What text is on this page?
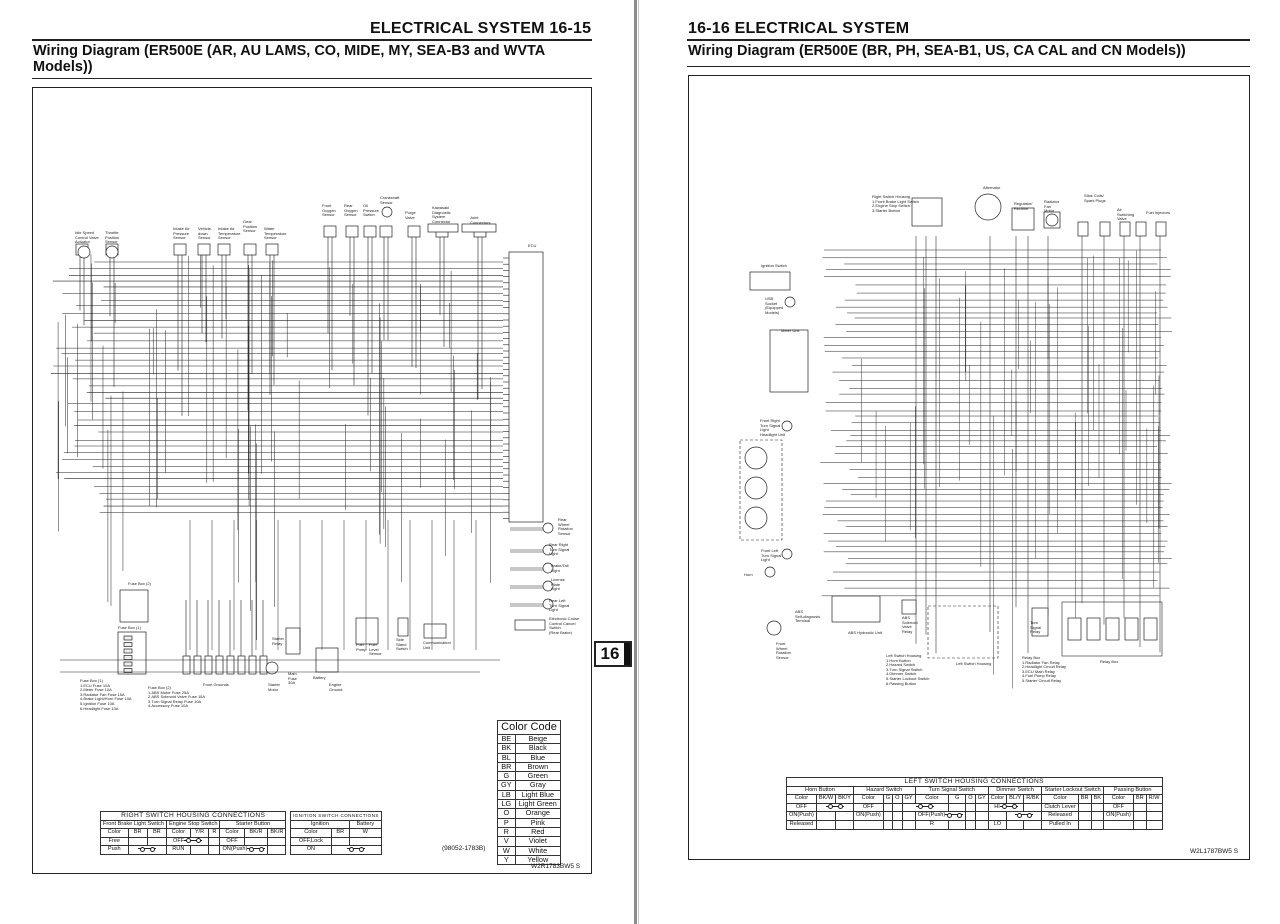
ELECTRICAL SYSTEM 16-15
Wiring Diagram (ER500E (AR, AU LAMS, CO, MIDE, MY, SEA-B3 and WVTA
Models))
16
16-16 ELECTRICAL SYSTEM
Wiring Diagram (ER500E (BR, PH, SEA-B1, US, CA CAL and CN Models))
Idle Speed
Control Valve
Actuator
Throttle
Position
Sensor
Intake Air
Pressure
Sensor
Vehicle-
down
Sensor
Intake Air
Temperature
Sensor
Gear
Position
Sensor	Water
Temperature
Sensor
Front
Oxygen
Sensor
Rear
Oxygen
Sensor
Oil
Pressure
Switch
Crankshaft
Sensor
Purge
Valve
Kawasaki
Diagnostic
System
Connector
Joint
Connectors
ECU
Rear
Wheel
Rotation
Sensor
Rear Right
Turn Signal
Light
Brake/Tail
Light
License
Plate
Light
Rear Left
Turn Signal
Light
Electronic Cruise
Control Cancel
Switch
(Rear Brake)
Fuse Box (2)
Fuse Box (1)
Fuse Box (1)
1.ECU Fuse 10A
2.Meter Fuse 10A
3.Radiator Fan Fuse 15A
4.Brake Light/Horn Fuse 10A
5.Ignition Fuse 10A
6.Headlight Fuse 10A
Fuse Box (2)
1.ABS Motor Fuse 25A
2.ABS Solenoid Valve Fuse 15A
3.Turn Signal Relay Fuse 10A
4.Accessory Fuse 10A
Front Grounds	Starter
Motor
Starter
Relay
Main
Fuse
30A
Battery
Engine
Ground
Fuel
Pump
Fuel
Level
Sensor
Side
Stand
Switch
Communication
Unit
Right Switch Housing
1.Front Brake Light Switch
2.Engine Stop Switch
3.Starter Button
Alternator
Regulator/
Rectifier
Radiator
Fan
Motor
Stick Coils/
Spark Plugs
Air
Switching
Valve
Fuel Injectors
Ignition Switch
USB
Socket
(Equipped
Models)
Meter Unit
Front Right
Turn Signal
Light
Headlight Unit
Front Left
Turn Signal
Light
Horn
Front
Wheel
Rotation
Sensor
ABS
Self-diagnosis
Terminal
ABS Hydraulic Unit
ABS
Solenoid
Valve
Relay
Left Switch Housing
Left Switch Housing
1.Horn Button
2.Hazard Switch
3.Turn Signal Switch
4.Dimmer Switch
5.Starter Lockout Switch
6.Passing Button
Turn
Signal
Relay
Relay Box
Relay Box
1.Radiator Fan Relay
2.Headlight Circuit Relay
3.ECU Main Relay
4.Fuel Pump Relay
5.Starter Circuit Relay
Color Code	
BE	Beige
BK	Black
BL	Blue
BR	Brown
G	Green
GY	Gray
LB	Light Blue
LG	Light Green
O	Orange
P	Pink
R	Red
V	Violet
W	White
Y	Yellow
RIGHT SWITCH HOUSING CONNECTIONS								
Front Brake Light Switch			Engine Stop Switch			Starter Button		
Color	BR	BR	Color	Y/R	R	Color	BK/R	BK/R
Free			OFF			OFF		
Push			RUN			ON(Push)		
IGNITION SWITCH CONNECTIONS		
Ignition		Battery
Color	BR	W
OFF,Lock		
ON			(98052-1783B)
W2R1783BW5 S
LEFT SWITCH HOUSING CONNECTIONS																			
Horn Button			Hazard Switch				Turn Signal Switch				Dimmer Switch			Starter Lockout Switch			Passing Button		
Color	BK/W	BK/Y	Color	G	O	GY	Color	G	O	GY	Color	BL/Y	R/BK	Color	BR	BK	Color	BR	R/W
OFF			OFF								HI			Clutch Lever			OFF		
ON(Push)			ON(Push)				OFF(Push)							Released			ON(Push)		
Released							R				LO			Pulled In					
W2L1787BW5 S
